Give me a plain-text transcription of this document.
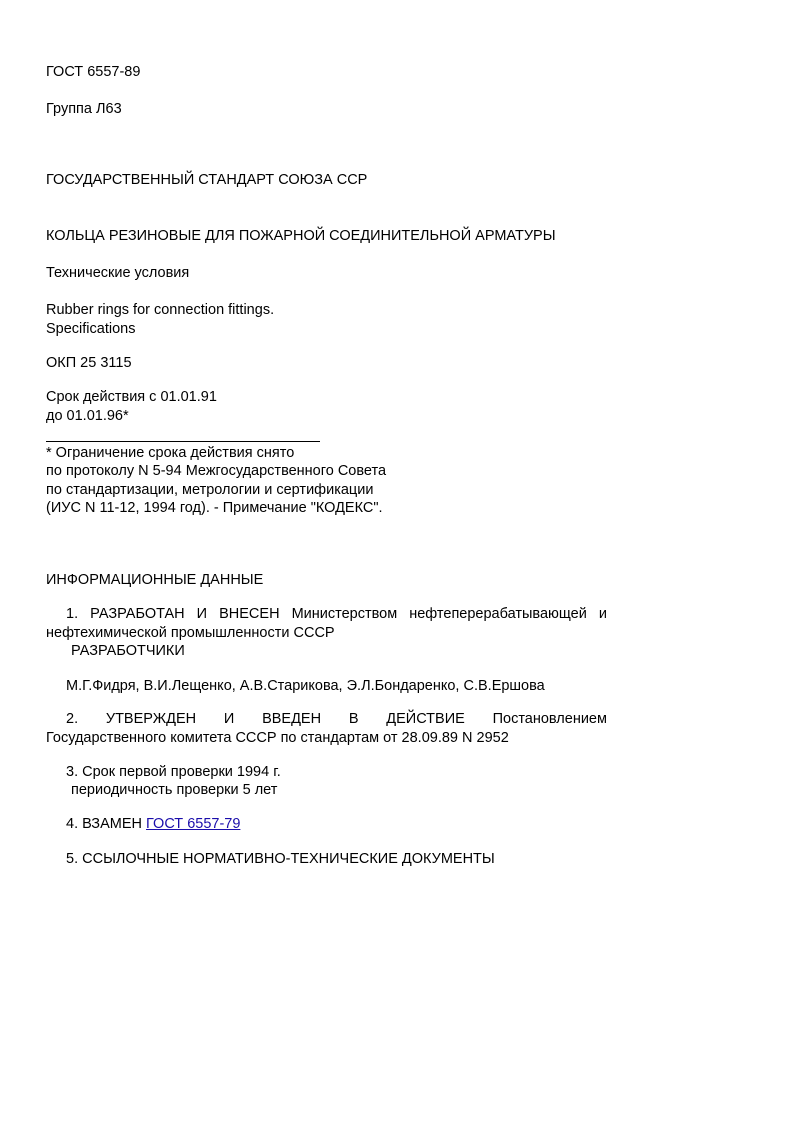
ГОСТ 6557-89
Группа Л63
ГОСУДАРСТВЕННЫЙ СТАНДАРТ СОЮЗА ССР
КОЛЬЦА РЕЗИНОВЫЕ ДЛЯ ПОЖАРНОЙ СОЕДИНИТЕЛЬНОЙ АРМАТУРЫ
Технические условия
Rubber rings for connection fittings.
Specifications
ОКП 25 3115
Срок действия с 01.01.91
до 01.01.96*
* Ограничение срока действия снято
по протоколу N 5-94 Межгосударственного Совета
по стандартизации, метрологии и сертификации
(ИУС N 11-12, 1994 год). - Примечание "КОДЕКС".
ИНФОРМАЦИОННЫЕ ДАННЫЕ
1. РАЗРАБОТАН И ВНЕСЕН Министерством нефтеперерабатывающей и
нефтехимической промышленности СССР
РАЗРАБОТЧИКИ
М.Г.Фидря, В.И.Лещенко, А.В.Старикова, Э.Л.Бондаренко, С.В.Ершова
2. УТВЕРЖДЕН И ВВЕДЕН В ДЕЙСТВИЕ Постановлением
Государственного комитета СССР по стандартам от 28.09.89 N 2952
3. Срок первой проверки 1994 г.
периодичность проверки 5 лет
4. ВЗАМЕН ГОСТ 6557-79
5. ССЫЛОЧНЫЕ НОРМАТИВНО-ТЕХНИЧЕСКИЕ ДОКУМЕНТЫ
